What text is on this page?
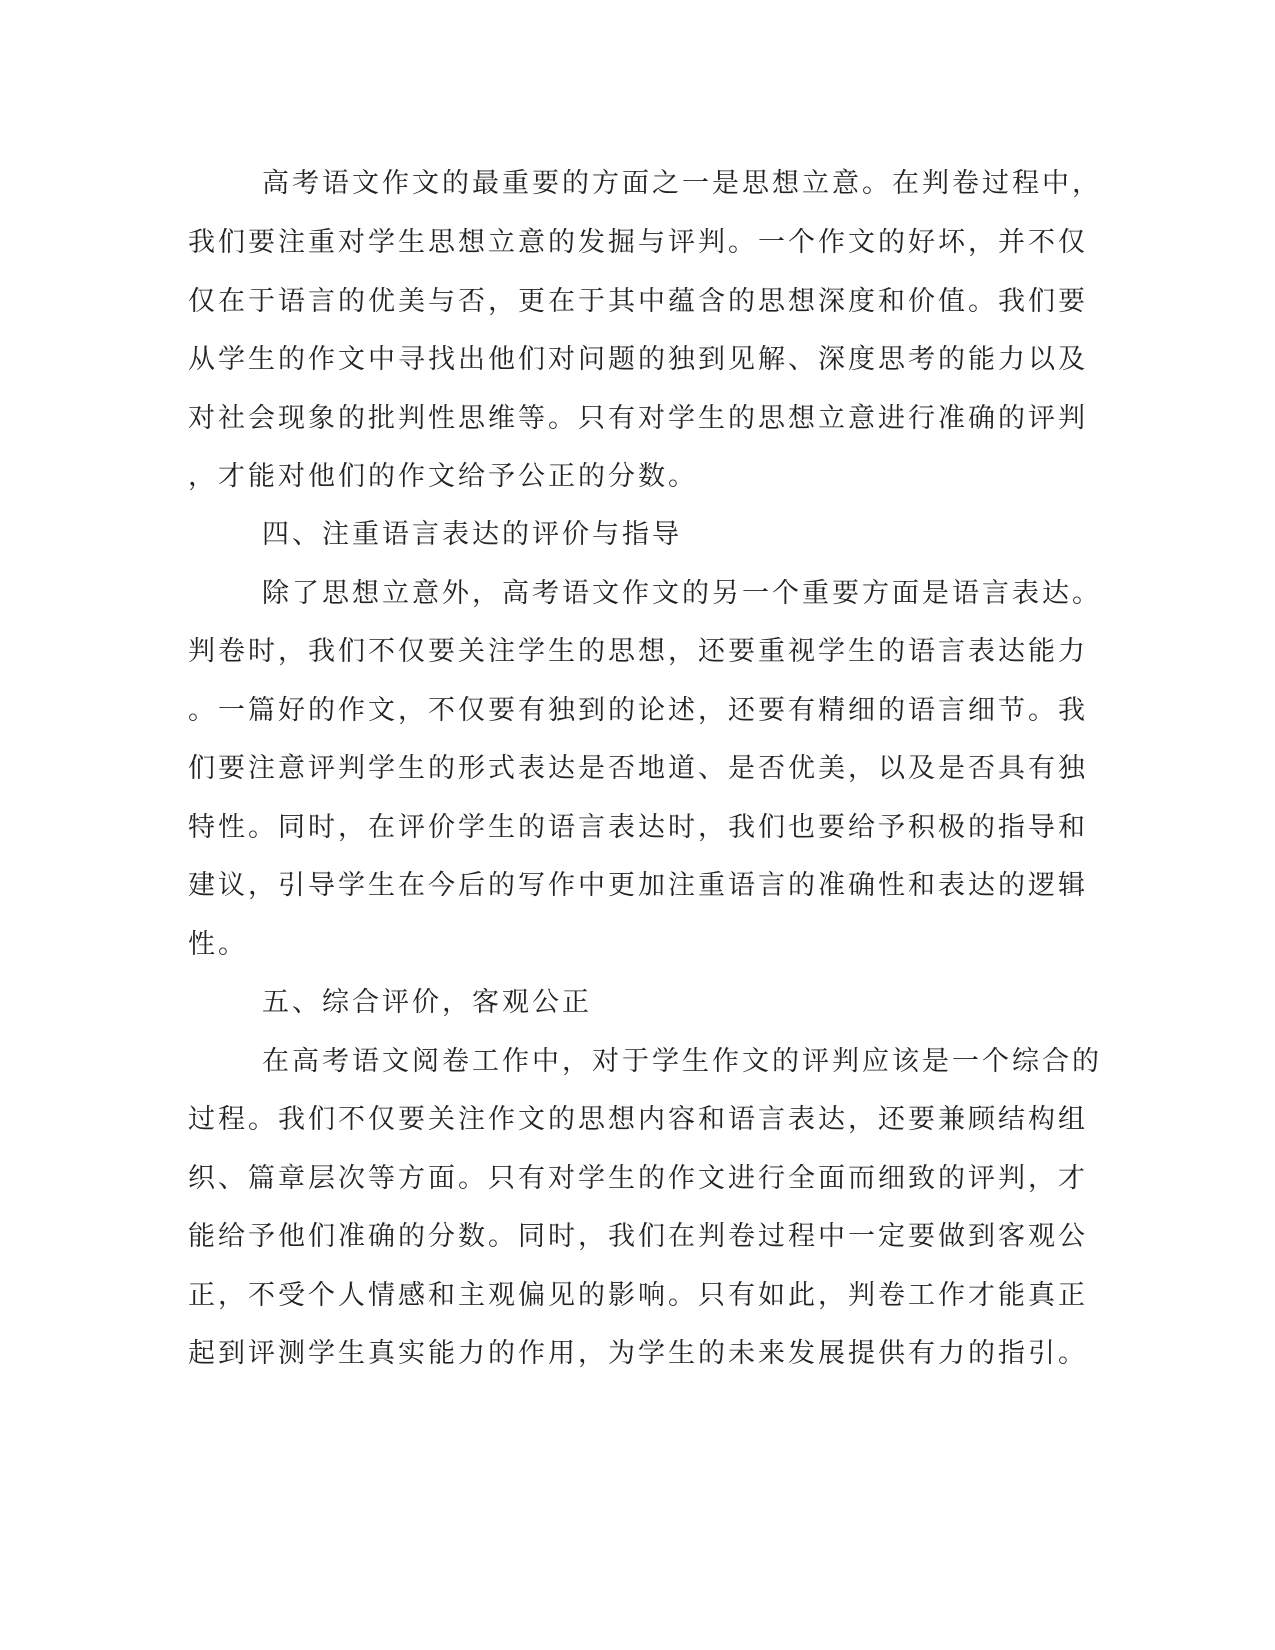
高考语文作文的最重要的方面之一是思想立意。在判卷过程中，

我们要注重对学生思想立意的发掘与评判。一个作文的好坏，并不仅

仅在于语言的优美与否，更在于其中蕴含的思想深度和价值。我们要

从学生的作文中寻找出他们对问题的独到见解、深度思考的能力以及

对社会现象的批判性思维等。只有对学生的思想立意进行准确的评判

，才能对他们的作文给予公正的分数。

四、注重语言表达的评价与指导

除了思想立意外，高考语文作文的另一个重要方面是语言表达。

判卷时，我们不仅要关注学生的思想，还要重视学生的语言表达能力

。一篇好的作文，不仅要有独到的论述，还要有精细的语言细节。我

们要注意评判学生的形式表达是否地道、是否优美，以及是否具有独

特性。同时，在评价学生的语言表达时，我们也要给予积极的指导和

建议，引导学生在今后的写作中更加注重语言的准确性和表达的逻辑

性。

五、综合评价，客观公正

在高考语文阅卷工作中，对于学生作文的评判应该是一个综合的

过程。我们不仅要关注作文的思想内容和语言表达，还要兼顾结构组

织、篇章层次等方面。只有对学生的作文进行全面而细致的评判，才

能给予他们准确的分数。同时，我们在判卷过程中一定要做到客观公

正，不受个人情感和主观偏见的影响。只有如此，判卷工作才能真正

起到评测学生真实能力的作用，为学生的未来发展提供有力的指引。
